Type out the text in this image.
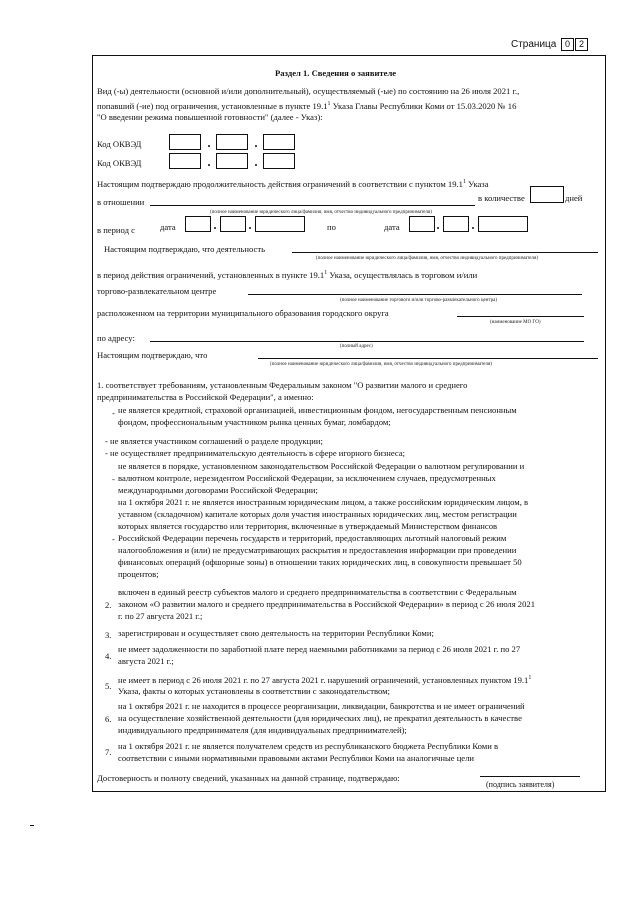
Страница 0 2
Раздел 1. Сведения о заявителе
Вид (-ы) деятельности (основной и/или дополнительный), осуществляемый (-ые) по состоянию на 26 июля 2021 г.,
попавший (-ие) под ограничения, установленные в пункте 19.1$^1$ Указа Главы Республики Коми от 15.03.2020 № 16
"О введении режима повышенной готовности" (далее - Указ):
Код ОКВЭД
Код ОКВЭД
Настоящим подтверждаю продолжительность действия ограничений в соответствии с пунктом 19.1$^1$ Указа
в отношении	в количестве	дней
(полное наименование юридического лица/фамилия, имя, отчество индивидуального предпринимателя)
в период с	дата	по	дата
Настоящим подтверждаю, что деятельность
(полное наименование юридического лица/фамилия, имя, отчество индивидуального предпринимателя)
в период действия ограничений, установленных в пункте 19.1$^1$ Указа, осуществлялась в торговом и/или
торгово-развлекательном центре
(полное наименование торгового и/или торгово-развлекательного центра)
расположенном на территории муниципального образования городского округа
(наименование МО ГО)
по адресу:
(полный адрес)
Настоящим подтверждаю, что
(полное наименование юридического лица/фамилия, имя, отчество индивидуального предпринимателя)
1. соответствует требованиям, установленным Федеральным законом "О развитии малого и среднего
предпринимательства в Российской Федерации", а именно:
- не является кредитной, страховой организацией, инвестиционным фондом, негосударственным пенсионным
фондом, профессиональным участником рынка ценных бумаг, ломбардом;
- не является участником соглашений о разделе продукции;
- не осуществляет предпринимательскую деятельность в сфере игорного бизнеса;
-
не является в порядке, установленном законодательством Российской Федерации о валютном регулировании и
валютном контроле, нерезидентом Российской Федерации, за исключением случаев, предусмотренных
международными договорами Российской Федерации;
-
на 1 октября 2021 г. не является иностранным юридическим лицом, а также российским юридическим лицом, в
уставном (складочном) капитале которых доля участия иностранных юридических лиц, местом регистрации
которых является государство или территория, включенные в утверждаемый Министерством финансов
Российской Федерации перечень государств и территорий, предоставляющих льготный налоговый режим
налогообложения и (или) не предусматривающих раскрытия и предоставления информации при проведении
финансовых операций (офшорные зоны) в отношении таких юридических лиц, в совокупности превышает 50
процентов;
2.
включен в единый реестр субъектов малого и среднего предпринимательства в соответствии с Федеральным
законом «О развитии малого и среднего предпринимательства в Российской Федерации» в период с 26 июля 2021
г. по 27 августа 2021 г.;
3. зарегистрирован и осуществляет свою деятельность на территории Республики Коми;
4.
не имеет задолженности по заработной плате перед наемными работниками за период с 26 июля 2021 г. по 27
августа 2021 г.;
5.
не имеет в период с 26 июля 2021 г. по 27 августа 2021 г. нарушений ограничений, установленных пунктом 19.1$^1$
Указа, факты о которых установлены в соответствии с законодательством;
6.
на 1 октября 2021 г. не находится в процессе реорганизации, ликвидации, банкротства и не имеет ограничений
на осуществление хозяйственной деятельности (для юридических лиц), не прекратил деятельность в качестве
индивидуального предпринимателя (для индивидуальных предпринимателей);
7.
на 1 октября 2021 г. не является получателем средств из республиканского бюджета Республики Коми в
соответствии с иными нормативными правовыми актами Республики Коми на аналогичные цели
Достоверность и полноту сведений, указанных на данной странице, подтверждаю:
(подпись заявителя)
